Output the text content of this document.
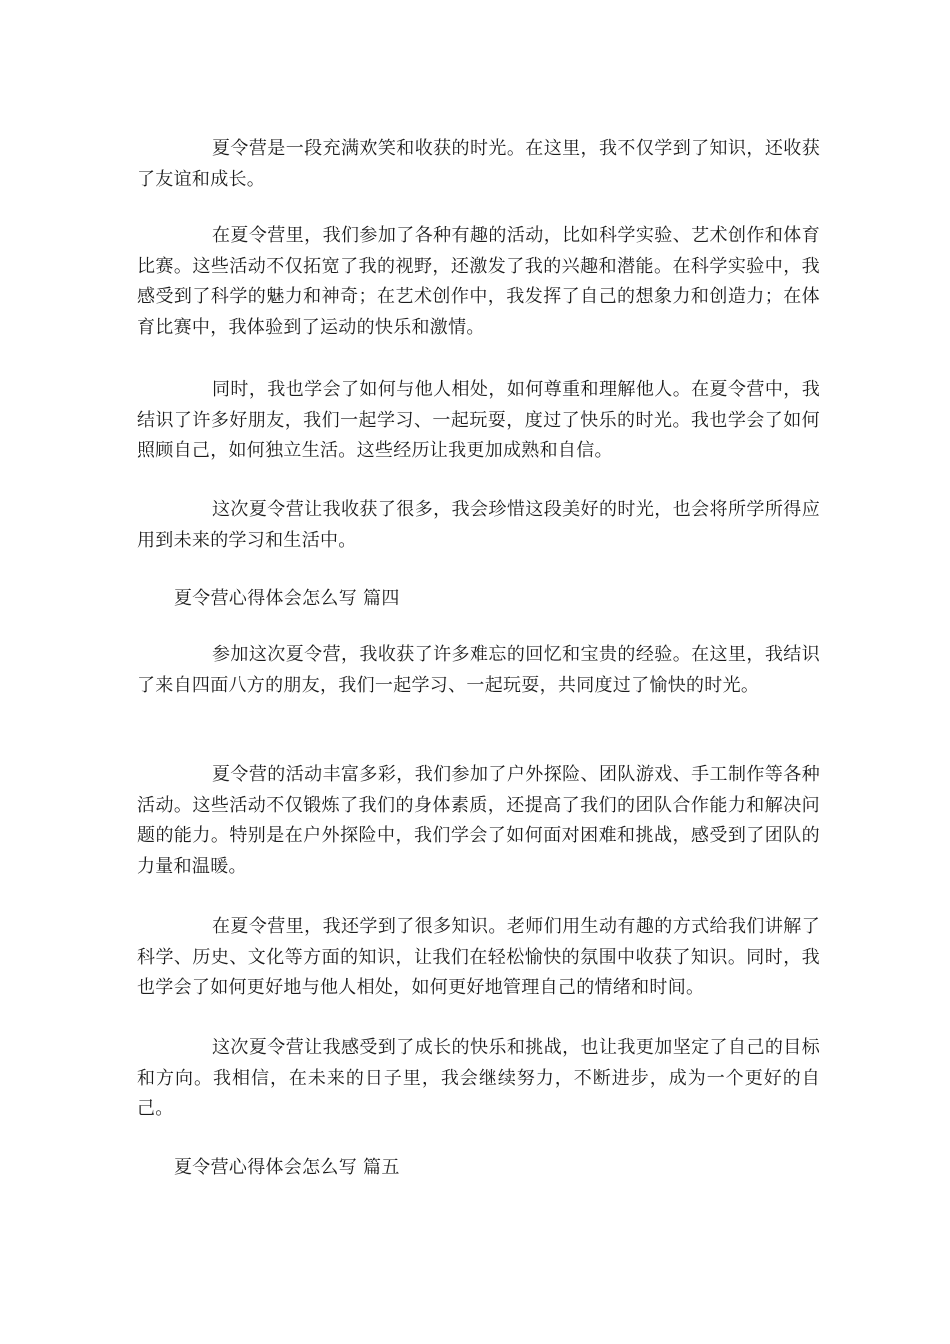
夏令营是一段充满欢笑和收获的时光。在这里，我不仅学到了知识，还收获了友谊和成长。

在夏令营里，我们参加了各种有趣的活动，比如科学实验、艺术创作和体育比赛。这些活动不仅拓宽了我的视野，还激发了我的兴趣和潜能。在科学实验中，我感受到了科学的魅力和神奇；在艺术创作中，我发挥了自己的想象力和创造力；在体育比赛中，我体验到了运动的快乐和激情。

同时，我也学会了如何与他人相处，如何尊重和理解他人。在夏令营中，我结识了许多好朋友，我们一起学习、一起玩耍，度过了快乐的时光。我也学会了如何照顾自己，如何独立生活。这些经历让我更加成熟和自信。

这次夏令营让我收获了很多，我会珍惜这段美好的时光，也会将所学所得应用到未来的学习和生活中。

夏令营心得体会怎么写 篇四

参加这次夏令营，我收获了许多难忘的回忆和宝贵的经验。在这里，我结识了来自四面八方的朋友，我们一起学习、一起玩耍，共同度过了愉快的时光。

夏令营的活动丰富多彩，我们参加了户外探险、团队游戏、手工制作等各种活动。这些活动不仅锻炼了我们的身体素质，还提高了我们的团队合作能力和解决问题的能力。特别是在户外探险中，我们学会了如何面对困难和挑战，感受到了团队的力量和温暖。

在夏令营里，我还学到了很多知识。老师们用生动有趣的方式给我们讲解了科学、历史、文化等方面的知识，让我们在轻松愉快的氛围中收获了知识。同时，我也学会了如何更好地与他人相处，如何更好地管理自己的情绪和时间。

这次夏令营让我感受到了成长的快乐和挑战，也让我更加坚定了自己的目标和方向。我相信，在未来的日子里，我会继续努力，不断进步，成为一个更好的自己。

夏令营心得体会怎么写 篇五
